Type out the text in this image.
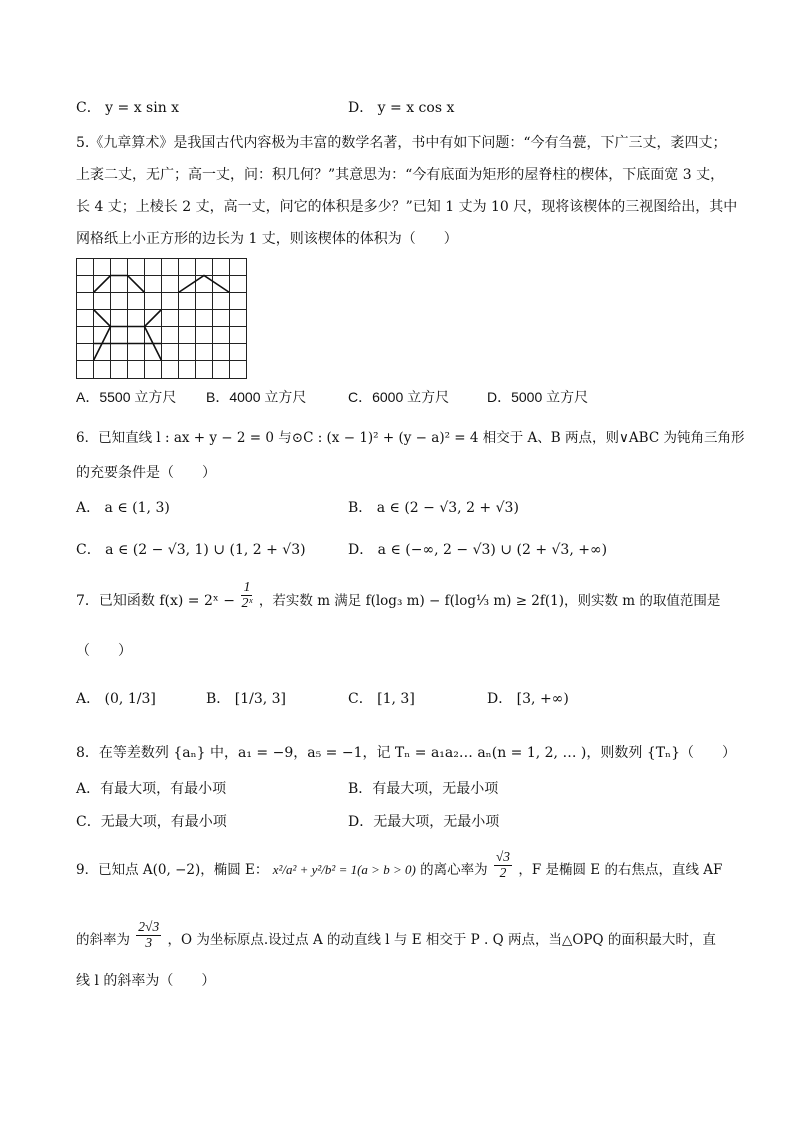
C． y = x sin x	D． y = x cos x
5.《九章算术》是我国古代内容极为丰富的数学名著，书中有如下问题：“今有刍甍，下广三丈，袤四丈；
上袤二丈，无广；高一丈，问：积几何？”其意思为：“今有底面为矩形的屋脊柱的楔体，下底面宽 3 丈，
长 4 丈；上棱长 2 丈，高一丈，问它的体积是多少？”已知 1 丈为 10 尺，现将该楔体的三视图给出，其中
网格纸上小正方形的边长为 1 丈，则该楔体的体积为（　　）
A．5500 立方尺 B．4000 立方尺	C．6000 立方尺	D．5000 立方尺
6．已知直线 l : ax + y − 2 = 0 与⊙C : (x − 1)² + (y − a)² = 4 相交于 A、B 两点，则∨ABC 为钝角三角形
的充要条件是（　　）
A． a ∈ (1, 3)	B． a ∈ (2 − √3, 2 + √3)
C． a ∈ (2 − √3, 1) ∪ (1, 2 + √3)	D． a ∈ (−∞, 2 − √3) ∪ (2 + √3, +∞)
7．已知函数 f(x) = 2ˣ − $\frac{1}{\text{2ˣ}}$ ，若实数 m 满足 f(log₃ m) − f(log⅓ m) ≥ 2f(1)，则实数 m 的取值范围是
（　　）
A． (0, 1/3]	B． [1/3, 3]	C． [1, 3]	D． [3, +∞)
8．在等差数列 {aₙ} 中，a₁ = −9，a₅ = −1，记 Tₙ = a₁a₂… aₙ(n = 1, 2, … )，则数列 {Tₙ}（　　）
A．有最大项，有最小项	B．有最大项，无最小项
C．无最大项，有最小项	D．无最大项，无最小项
9．已知点 A(0, −2)，椭圆 E： x²/a² + y²/b² = 1(a > b > 0) 的离心率为 $\frac{√3}{2}$ ，F 是椭圆 E 的右焦点，直线 AF
的斜率为 $\frac{2√3}{3}$ ，O 为坐标原点.设过点 A 的动直线 l 与 E 相交于 P . Q 两点，当△OPQ 的面积最大时，直
线 l 的斜率为（　　）
